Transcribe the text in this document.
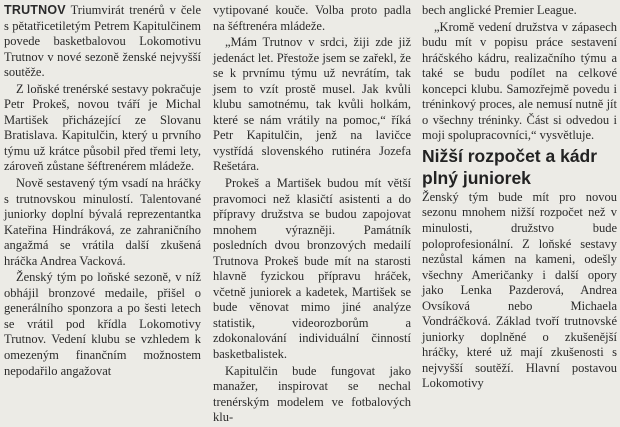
TRUTNOV Triumvirát trenérů v čele s pětatřicetiletým Petrem Kapitulčinem povede basketbalovou Lokomotivu Trutnov v nové sezoně ženské nejvyšší soutěže.

Z loňské trenérské sestavy pokračuje Petr Prokeš, novou tváří je Michal Martišek přicházející ze Slovanu Bratislava. Kapitulčin, který u prvního týmu už krátce působil před třemi lety, zároveň zůstane šéftrenérem mládeže.

Nově sestavený tým vsadí na hráčky s trutnovskou minulostí. Talentované juniorky doplní bývalá reprezentantka Kateřina Hindráková, ze zahraničního angažmá se vrátila další zkušená hráčka Andrea Vacková.

Ženský tým po loňské sezoně, v níž obhájil bronzové medaile, přišel o generálního sponzora a po šesti letech se vrátil pod křídla Lokomotivy Trutnov. Vedení klubu se vzhledem k omezeným finančním možnostem nepodařilo angažovat

vytipované kouče. Volba proto padla na šéftrenéra mládeže.

„Mám Trutnov v srdci, žiji zde již jedenáct let. Přestože jsem se zařekl, že se k prvnímu týmu už nevrátím, tak jsem to vzít prostě musel. Jak kvůli klubu samotnému, tak kvůli holkám, které se nám vrátily na pomoc,“ říká Petr Kapitulčin, jenž na lavičce vystřídá slovenského rutinéra Jozefa Rešetára.

Prokeš a Martišek budou mít větší pravomoci než klasičtí asistenti a do přípravy družstva se budou zapojovat mnohem výrazněji. Památník posledních dvou bronzových medailí Trutnova Prokeš bude mít na starosti hlavně fyzickou přípravu hráček, včetně juniorek a kadetek, Martišek se bude věnovat mimo jiné analýze statistik, videorozborům a zdokonalování individuální činností basketbalistek.

Kapitulčin bude fungovat jako manažer, inspirovat se nechal trenérským modelem ve fotbalových klu-

bech anglické Premier League.

„Kromě vedení družstva v zápasech budu mít v popisu práce sestavení hráčského kádru, realizačního týmu a také se budu podílet na celkové koncepci klubu. Samozřejmě povedu i tréninkový proces, ale nemusí nutně jít o všechny tréninky. Část si odvedou i moji spolupracovníci,“ vysvětluje.

Nižší rozpočet a kádr plný juniorek

Ženský tým bude mít pro novou sezonu mnohem nižší rozpočet než v minulosti, družstvo bude poloprofesionální. Z loňské sestavy nezůstal kámen na kameni, odešly všechny Američanky i další opory jako Lenka Pazderová, Andrea Ovsíková nebo Michaela Vondráčková. Základ tvoří trutnovské juniorky doplněné o zkušenější hráčky, které už mají zkušenosti s nejvyšší soutěží. Hlavní postavou Lokomotivy
